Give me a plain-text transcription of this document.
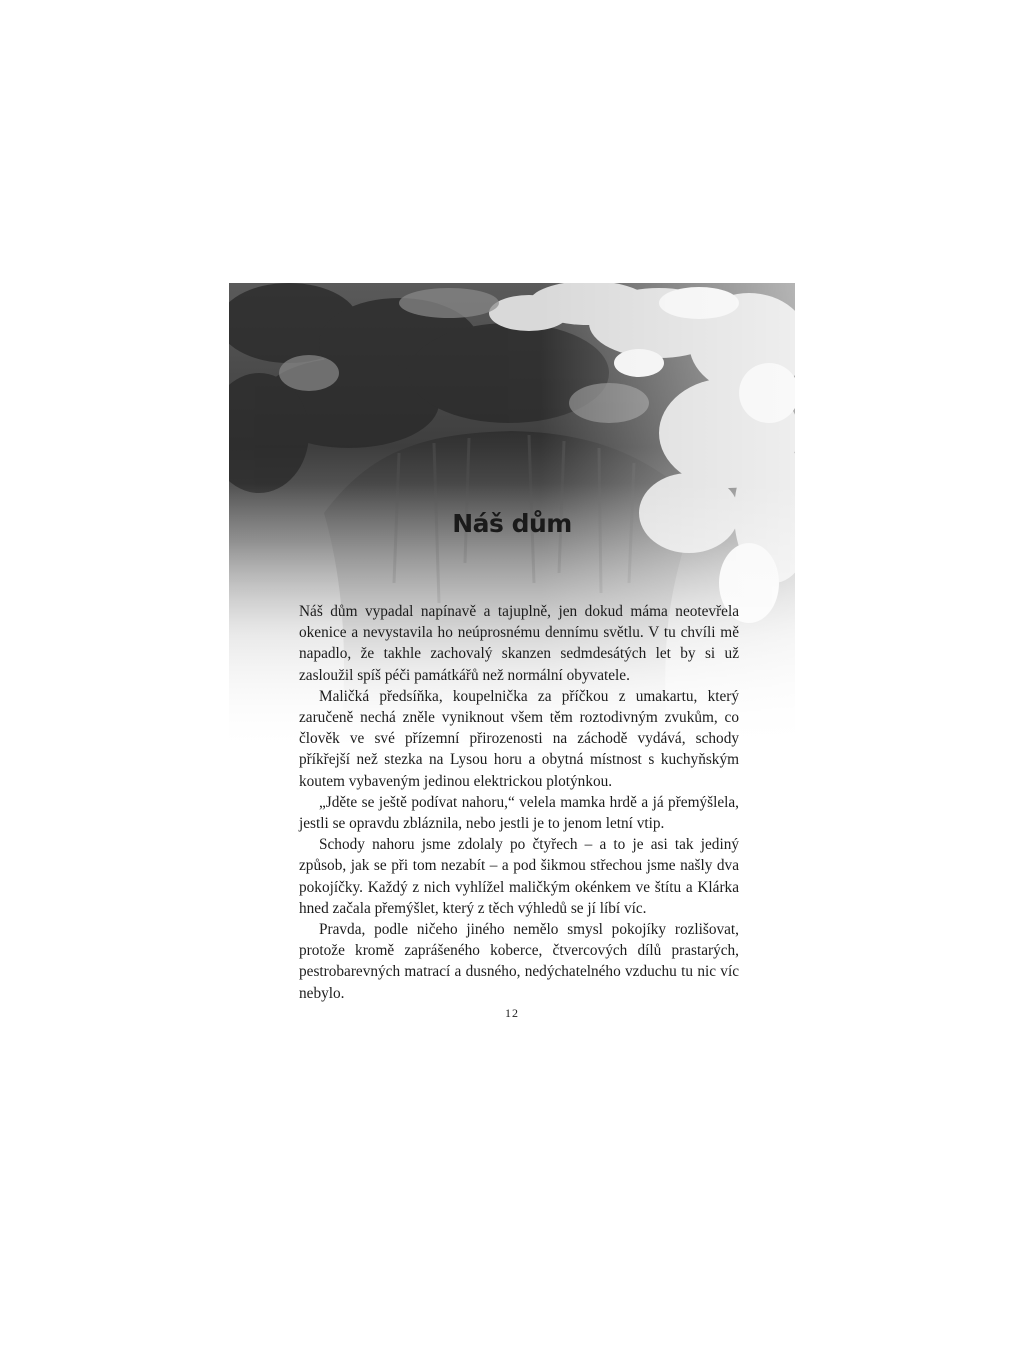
Náš dům

Náš dům vypadal napínavě a tajuplně, jen dokud máma neotevřela okenice a nevystavila ho neúprosnému dennímu světlu. V tu chvíli mě napadlo, že takhle zachovalý skanzen sedmdesátých let by si už zasloužil spíš péči památkářů než normální obyvatele.

Maličká předsíňka, koupelnička za příčkou z umakartu, který zaručeně nechá zněle vyniknout všem těm roztodivným zvukům, co člověk ve své přízemní přirozenosti na záchodě vydává, schody příkřejší než stezka na Lysou horu a obytná místnost s kuchyňským koutem vybaveným jedinou elektrickou plotýnkou.

„Jděte se ještě podívat nahoru,“ velela mamka hrdě a já přemýšlela, jestli se opravdu zbláznila, nebo jestli je to jenom letní vtip.

Schody nahoru jsme zdolaly po čtyřech – a to je asi tak jediný způsob, jak se při tom nezabít – a pod šikmou střechou jsme našly dva pokojíčky. Každý z nich vyhlížel maličkým okénkem ve štítu a Klárka hned začala přemýšlet, který z těch výhledů se jí líbí víc.

Pravda, podle ničeho jiného nemělo smysl pokojíky rozlišovat, protože kromě zaprášeného koberce, čtvercových dílů prastarých, pestrobarevných matrací a dusného, nedýchatelného vzduchu tu nic víc nebylo.

12
